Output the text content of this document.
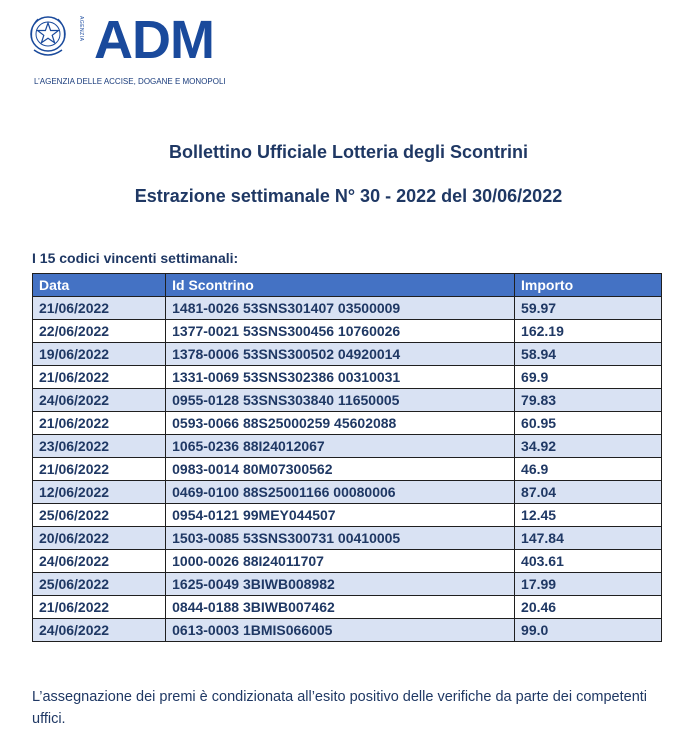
AGENZIA ADM
L’AGENZIA DELLE ACCISE, DOGANE E MONOPOLI
Bollettino Ufficiale Lotteria degli Scontrini
Estrazione settimanale N° 30 - 2022 del 30/06/2022
I 15 codici vincenti settimanali:
Data	Id Scontrino	Importo
21/06/2022	1481-0026 53SNS301407 03500009	59.97
22/06/2022	1377-0021 53SNS300456 10760026	162.19
19/06/2022	1378-0006 53SNS300502 04920014	58.94
21/06/2022	1331-0069 53SNS302386 00310031	69.9
24/06/2022	0955-0128 53SNS303840 11650005	79.83
21/06/2022	0593-0066 88S25000259 45602088	60.95
23/06/2022	1065-0236 88I24012067	34.92
21/06/2022	0983-0014 80M07300562	46.9
12/06/2022	0469-0100 88S25001166 00080006	87.04
25/06/2022	0954-0121 99MEY044507	12.45
20/06/2022	1503-0085 53SNS300731 00410005	147.84
24/06/2022	1000-0026 88I24011707	403.61
25/06/2022	1625-0049 3BIWB008982	17.99
21/06/2022	0844-0188 3BIWB007462	20.46
24/06/2022	0613-0003 1BMIS066005	99.0
L’assegnazione dei premi è condizionata all’esito positivo delle verifiche da parte dei competenti uffici.
